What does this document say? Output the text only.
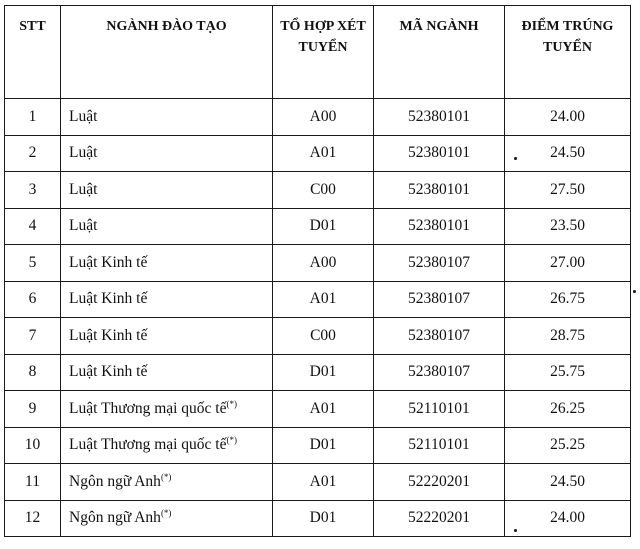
STT	NGÀNH ĐÀO TẠO	TỔ HỢP XÉT TUYỂN	MÃ NGÀNH	ĐIỂM TRÚNG TUYỂN
1	Luật	A00	52380101	24.00
2	Luật	A01	52380101	24.50
3	Luật	C00	52380101	27.50
4	Luật	D01	52380101	23.50
5	Luật Kinh tế	A00	52380107	27.00
6	Luật Kinh tế	A01	52380107	26.75
7	Luật Kinh tế	C00	52380107	28.75
8	Luật Kinh tế	D01	52380107	25.75
9	Luật Thương mại quốc tế(*)	A01	52110101	26.25
10	Luật Thương mại quốc tế(*)	D01	52110101	25.25
11	Ngôn ngữ Anh(*)	A01	52220201	24.50
12	Ngôn ngữ Anh(*)	D01	52220201	24.00
